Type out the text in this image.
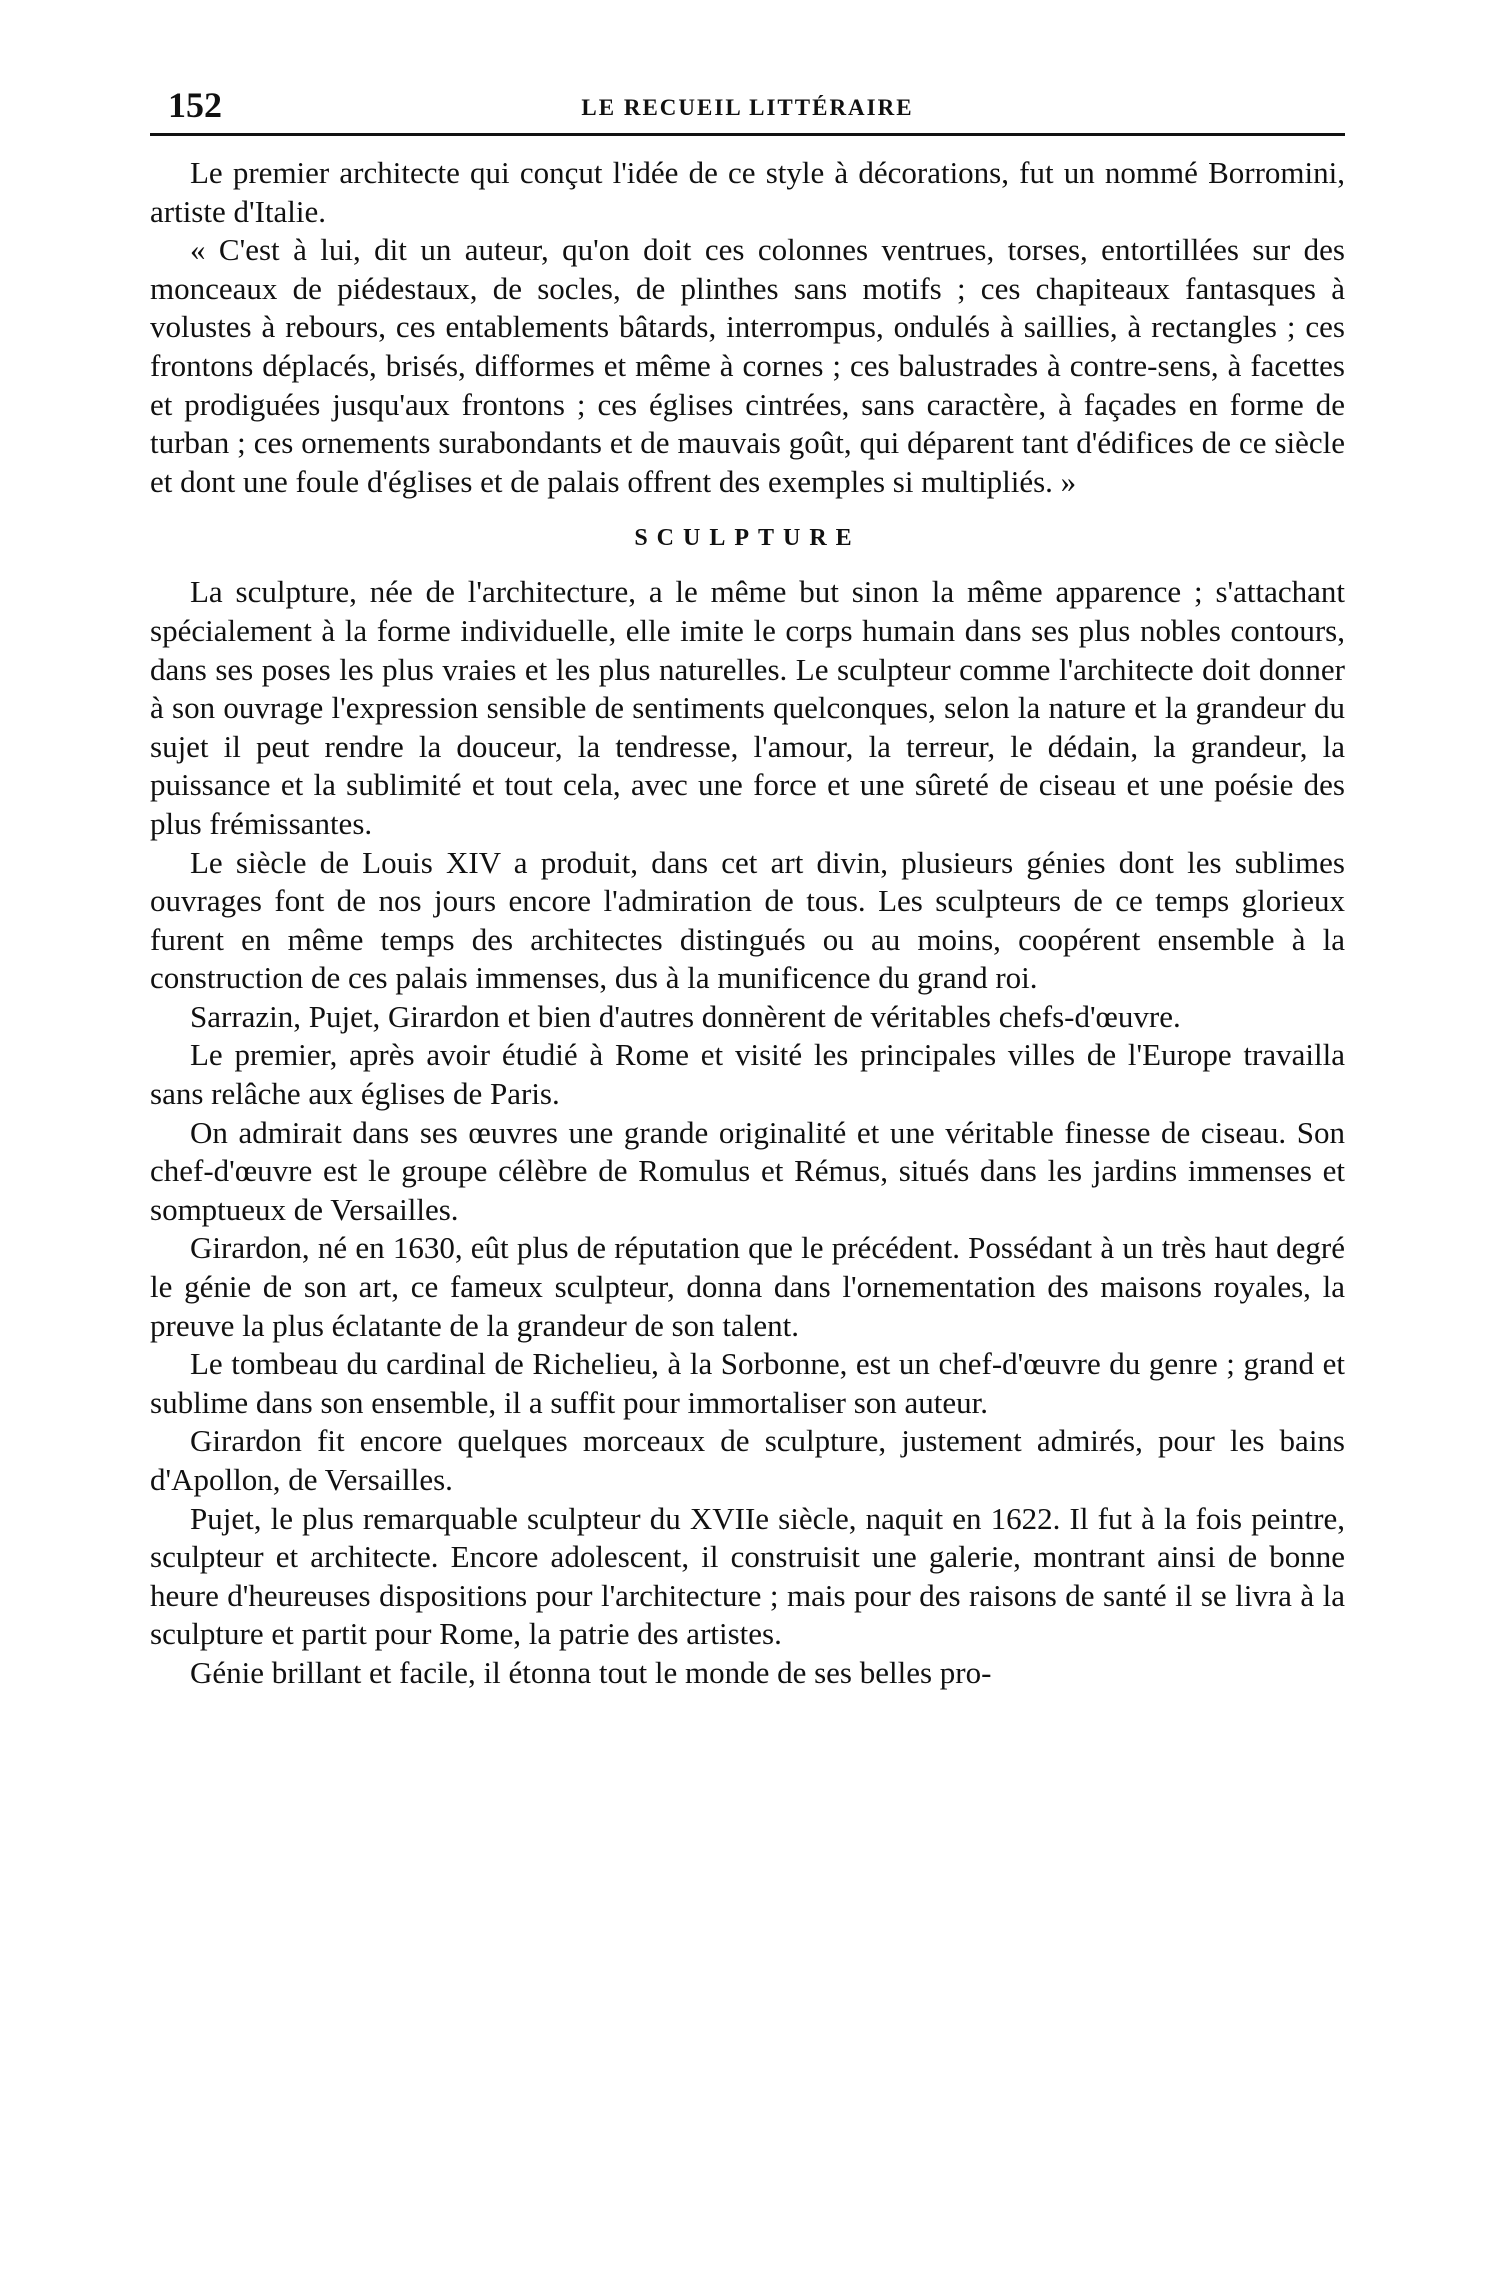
152	LE RECUEIL LITTÉRAIRE

Le premier architecte qui conçut l'idée de ce style à décorations, fut un nommé Borromini, artiste d'Italie.

« C'est à lui, dit un auteur, qu'on doit ces colonnes ventrues, torses, entortillées sur des monceaux de piédestaux, de socles, de plinthes sans motifs ; ces chapiteaux fantasques à volustes à rebours, ces entablements bâtards, interrompus, ondulés à saillies, à rectangles ; ces frontons déplacés, brisés, difformes et même à cornes ; ces balustrades à contre-sens, à facettes et prodiguées jusqu'aux frontons ; ces églises cintrées, sans caractère, à façades en forme de turban ; ces ornements surabondants et de mauvais goût, qui déparent tant d'édifices de ce siècle et dont une foule d'églises et de palais offrent des exemples si multipliés. »

SCULPTURE

La sculpture, née de l'architecture, a le même but sinon la même apparence ; s'attachant spécialement à la forme individuelle, elle imite le corps humain dans ses plus nobles contours, dans ses poses les plus vraies et les plus naturelles. Le sculpteur comme l'architecte doit donner à son ouvrage l'expression sensible de sentiments quelconques, selon la nature et la grandeur du sujet il peut rendre la douceur, la tendresse, l'amour, la terreur, le dédain, la grandeur, la puissance et la sublimité et tout cela, avec une force et une sûreté de ciseau et une poésie des plus frémissantes.

Le siècle de Louis XIV a produit, dans cet art divin, plusieurs génies dont les sublimes ouvrages font de nos jours encore l'admiration de tous. Les sculpteurs de ce temps glorieux furent en même temps des architectes distingués ou au moins, coopérent ensemble à la construction de ces palais immenses, dus à la munificence du grand roi.

Sarrazin, Pujet, Girardon et bien d'autres donnèrent de véritables chefs-d'œuvre.

Le premier, après avoir étudié à Rome et visité les principales villes de l'Europe travailla sans relâche aux églises de Paris.

On admirait dans ses œuvres une grande originalité et une véritable finesse de ciseau. Son chef-d'œuvre est le groupe célèbre de Romulus et Rémus, situés dans les jardins immenses et somptueux de Versailles.

Girardon, né en 1630, eût plus de réputation que le précédent. Possédant à un très haut degré le génie de son art, ce fameux sculpteur, donna dans l'ornementation des maisons royales, la preuve la plus éclatante de la grandeur de son talent.

Le tombeau du cardinal de Richelieu, à la Sorbonne, est un chef-d'œuvre du genre ; grand et sublime dans son ensemble, il a suffit pour immortaliser son auteur.

Girardon fit encore quelques morceaux de sculpture, justement admirés, pour les bains d'Apollon, de Versailles.

Pujet, le plus remarquable sculpteur du XVIIe siècle, naquit en 1622. Il fut à la fois peintre, sculpteur et architecte. Encore adolescent, il construisit une galerie, montrant ainsi de bonne heure d'heureuses dispositions pour l'architecture ; mais pour des raisons de santé il se livra à la sculpture et partit pour Rome, la patrie des artistes.

Génie brillant et facile, il étonna tout le monde de ses belles pro-
